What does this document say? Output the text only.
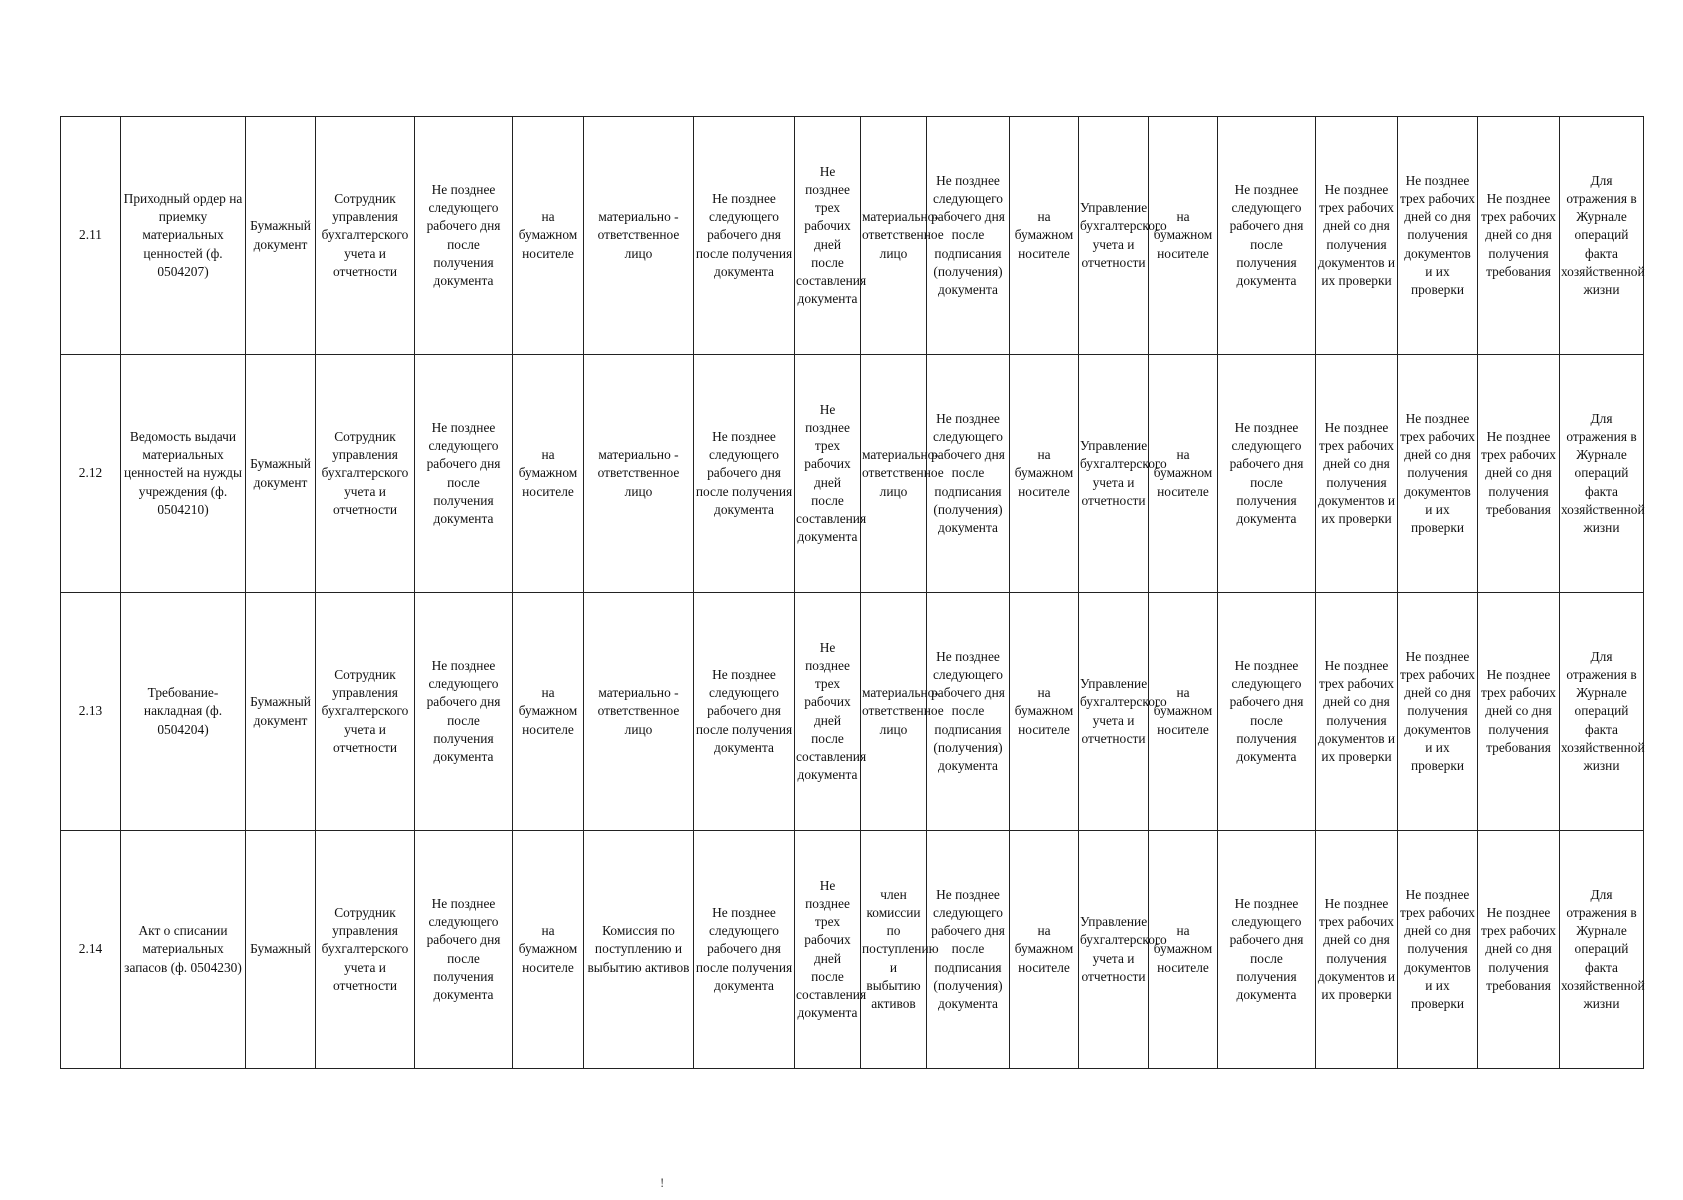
2.11	Приходный ордер на приемку материальных ценностей (ф. 0504207)	Бумажный документ	Сотрудник управления бухгалтерского учета и отчетности	Не позднее следующего рабочего дня после получения документа	на бумажном носителе	материально - ответственное лицо	Не позднее следующего рабочего дня после получения документа	Не позднее трех рабочих дней после составления документа	материально-ответственное лицо	Не позднее следующего рабочего дня после подписания (получения) документа	на бумажном носителе	Управление бухгалтерского учета и отчетности	на бумажном носителе	Не позднее следующего рабочего дня после получения документа	Не позднее трех рабочих дней со дня получения документов и их проверки	Не позднее трех рабочих дней со дня получения документов и их проверки	Не позднее трех рабочих дней со дня получения требования	Для отражения в Журнале операций факта хозяйственной жизни
2.12	Ведомость выдачи материальных ценностей на нужды учреждения (ф. 0504210)	Бумажный документ	Сотрудник управления бухгалтерского учета и отчетности	Не позднее следующего рабочего дня после получения документа	на бумажном носителе	материально - ответственное лицо	Не позднее следующего рабочего дня после получения документа	Не позднее трех рабочих дней после составления документа	материально-ответственное лицо	Не позднее следующего рабочего дня после подписания (получения) документа	на бумажном носителе	Управление бухгалтерского учета и отчетности	на бумажном носителе	Не позднее следующего рабочего дня после получения документа	Не позднее трех рабочих дней со дня получения документов и их проверки	Не позднее трех рабочих дней со дня получения документов и их проверки	Не позднее трех рабочих дней со дня получения требования	Для отражения в Журнале операций факта хозяйственной жизни
2.13	Требование-накладная (ф. 0504204)	Бумажный документ	Сотрудник управления бухгалтерского учета и отчетности	Не позднее следующего рабочего дня после получения документа	на бумажном носителе	материально - ответственное лицо	Не позднее следующего рабочего дня после получения документа	Не позднее трех рабочих дней после составления документа	материально-ответственное лицо	Не позднее следующего рабочего дня после подписания (получения) документа	на бумажном носителе	Управление бухгалтерского учета и отчетности	на бумажном носителе	Не позднее следующего рабочего дня после получения документа	Не позднее трех рабочих дней со дня получения документов и их проверки	Не позднее трех рабочих дней со дня получения документов и их проверки	Не позднее трех рабочих дней со дня получения требования	Для отражения в Журнале операций факта хозяйственной жизни
2.14	Акт о списании материальных запасов (ф. 0504230)	Бумажный	Сотрудник управления бухгалтерского учета и отчетности	Не позднее следующего рабочего дня после получения документа	на бумажном носителе	Комиссия по поступлению и выбытию активов	Не позднее следующего рабочего дня после получения документа	Не позднее трех рабочих дней после составления документа	член комиссии по поступлению и выбытию активов	Не позднее следующего рабочего дня после подписания (получения) документа	на бумажном носителе	Управление бухгалтерского учета и отчетности	на бумажном носителе	Не позднее следующего рабочего дня после получения документа	Не позднее трех рабочих дней со дня получения документов и их проверки	Не позднее трех рабочих дней со дня получения документов и их проверки	Не позднее трех рабочих дней со дня получения требования	Для отражения в Журнале операций факта хозяйственной жизни
!
